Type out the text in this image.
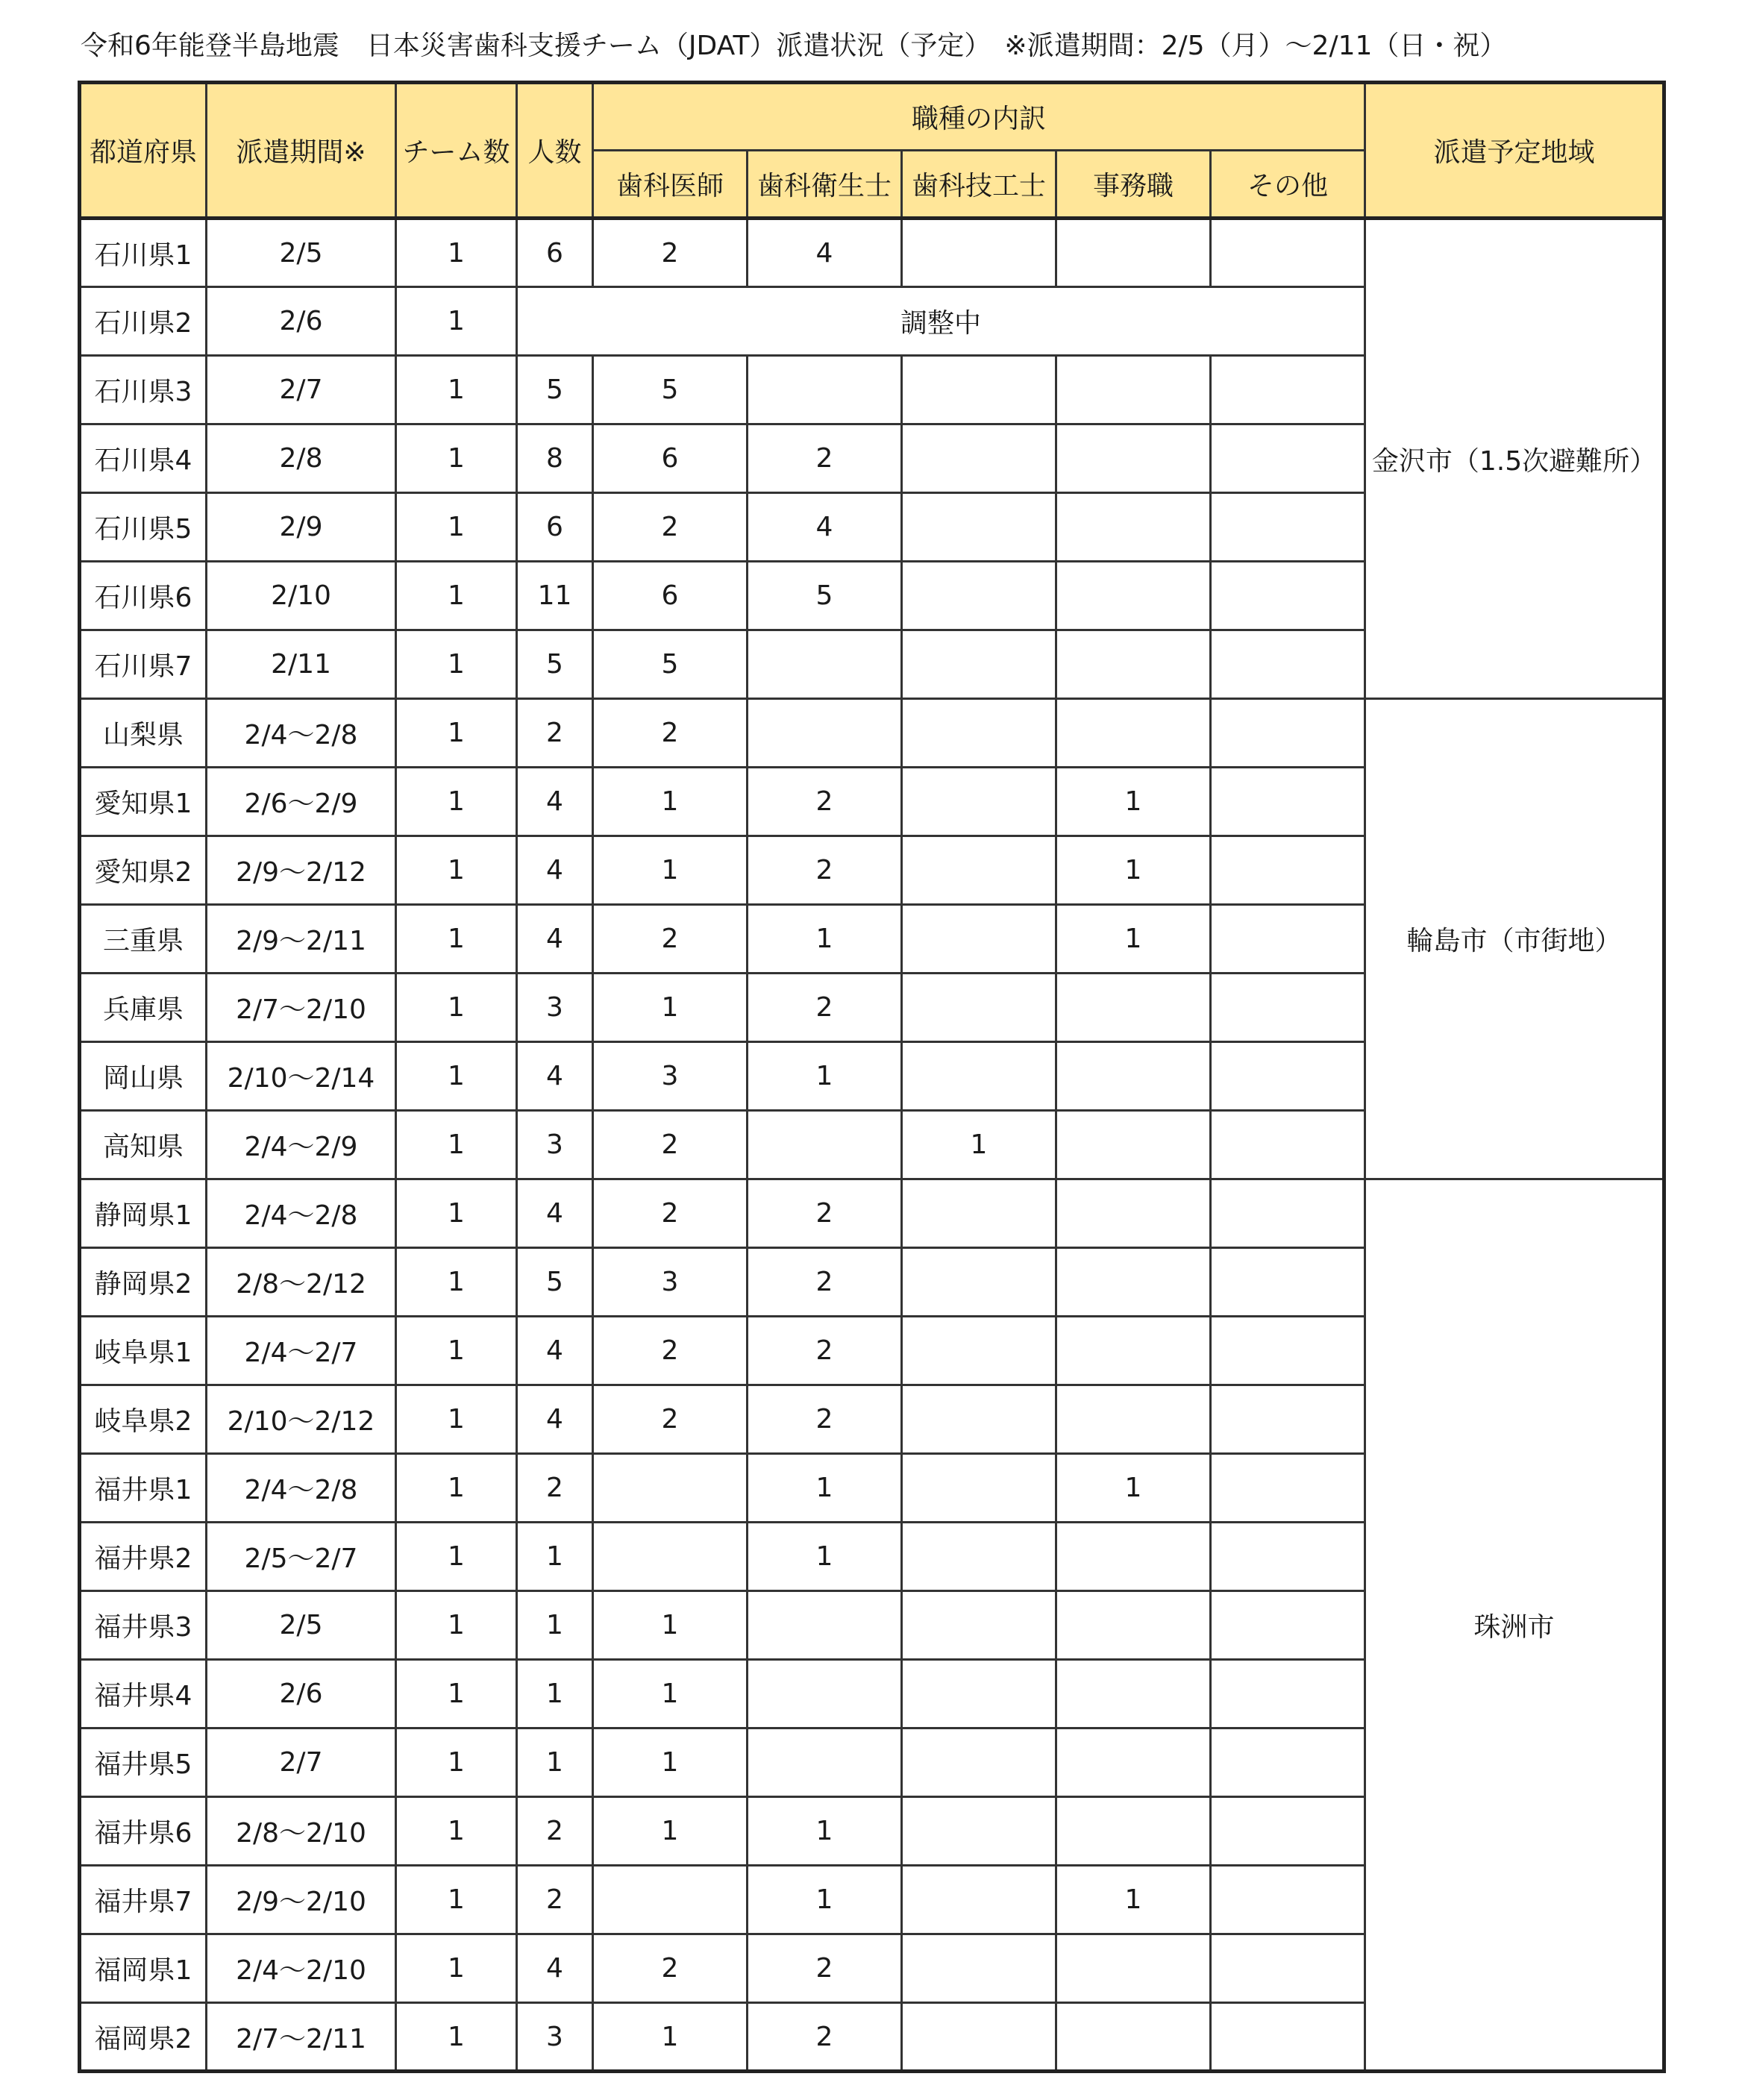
令和6年能登半島地震　日本災害歯科支援チーム（JDAT）派遣状況（予定）　※派遣期間：2/5（月）～2/11（日・祝）
都道府県	派遣期間※	チーム数	人数	職種の内訳					派遣予定地域
				歯科医師	歯科衛生士	歯科技工士	事務職	その他	
石川県1	2/5	1	6	2	4				金沢市（1.5次避難所）
石川県2	2/6	1	調整中						
石川県3	2/7	1	5	5					
石川県4	2/8	1	8	6	2				
石川県5	2/9	1	6	2	4				
石川県6	2/10	1	11	6	5				
石川県7	2/11	1	5	5					
山梨県	2/4～2/8	1	2	2					輪島市（市街地）
愛知県1	2/6～2/9	1	4	1	2		1		
愛知県2	2/9～2/12	1	4	1	2		1		
三重県	2/9～2/11	1	4	2	1		1		
兵庫県	2/7～2/10	1	3	1	2				
岡山県	2/10～2/14	1	4	3	1				
高知県	2/4～2/9	1	3	2		1			
静岡県1	2/4～2/8	1	4	2	2				珠洲市
静岡県2	2/8～2/12	1	5	3	2				
岐阜県1	2/4～2/7	1	4	2	2				
岐阜県2	2/10～2/12	1	4	2	2				
福井県1	2/4～2/8	1	2		1		1		
福井県2	2/5～2/7	1	1		1				
福井県3	2/5	1	1	1					
福井県4	2/6	1	1	1					
福井県5	2/7	1	1	1					
福井県6	2/8～2/10	1	2	1	1				
福井県7	2/9～2/10	1	2		1		1		
福岡県1	2/4～2/10	1	4	2	2				
福岡県2	2/7～2/11	1	3	1	2				
